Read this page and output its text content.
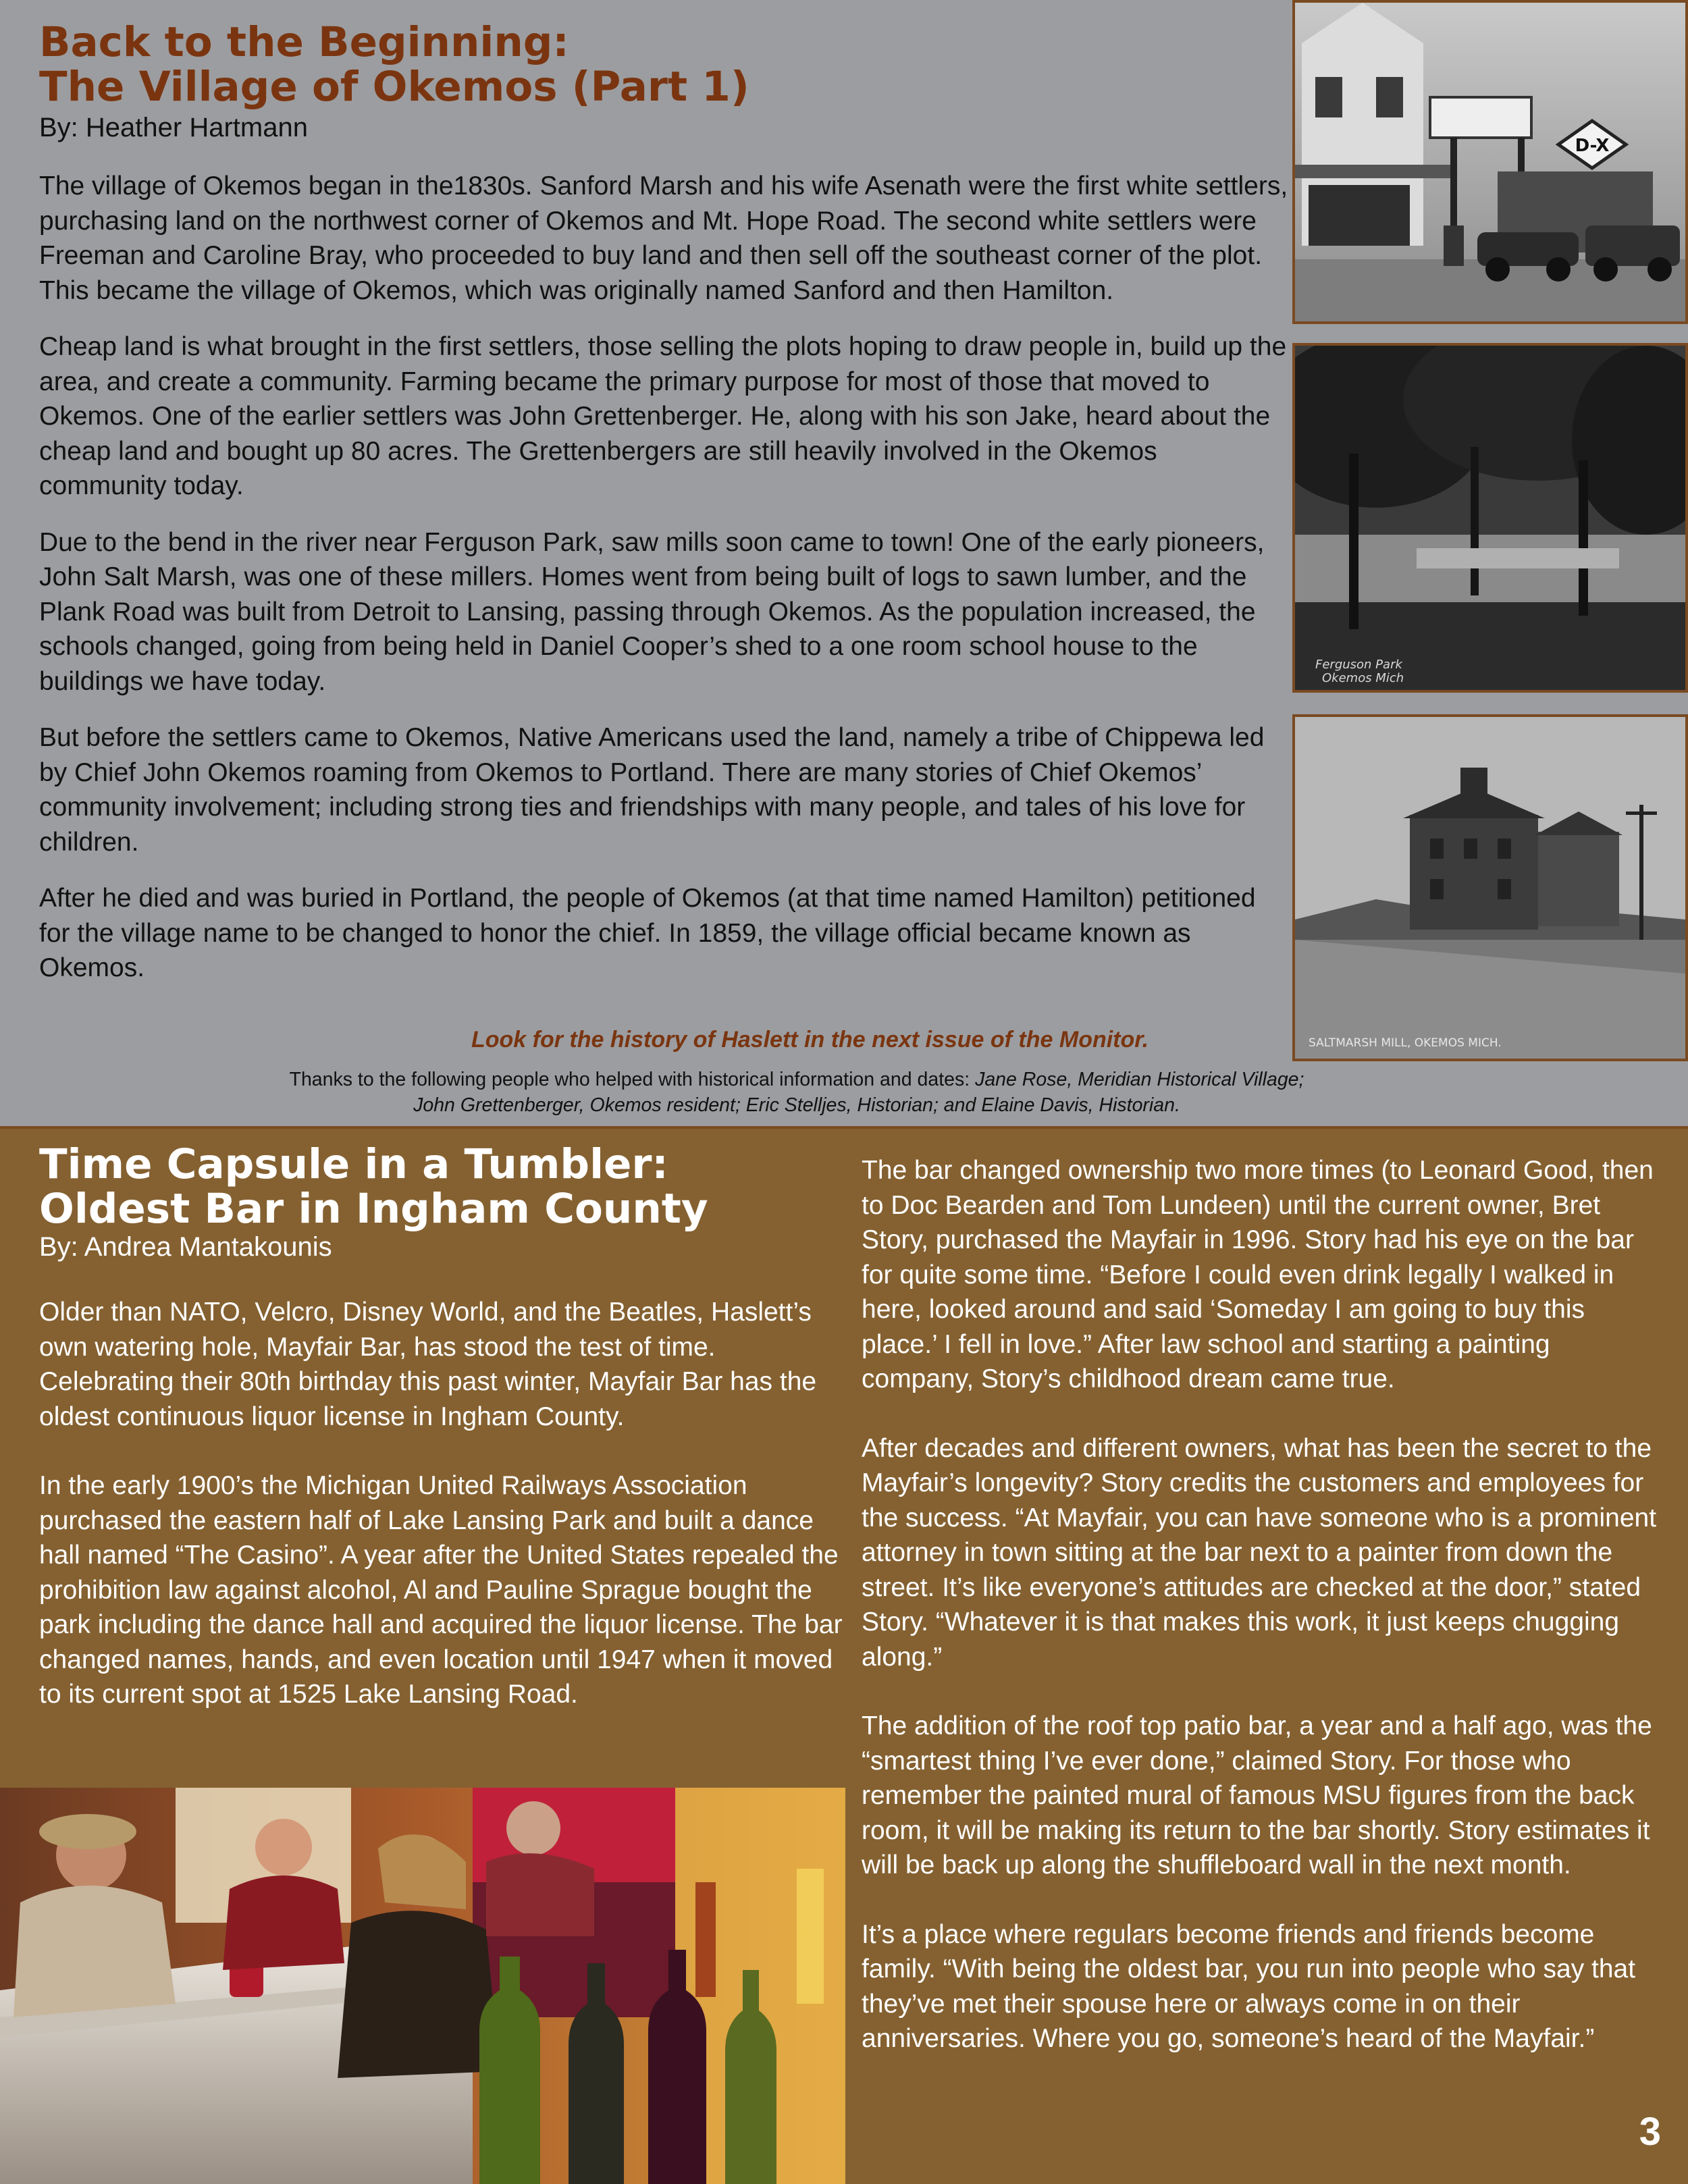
Back to the Beginning:
The Village of Okemos (Part 1)

By: Heather Hartmann

The village of Okemos began in the1830s. Sanford Marsh and his wife Asenath were the first white settlers, purchasing land on the northwest corner of Okemos and Mt. Hope Road. The second white settlers were Freeman and Caroline Bray, who proceeded to buy land and then sell off the southeast corner of the plot. This became the village of Okemos, which was originally named Sanford and then Hamilton.

Cheap land is what brought in the first settlers, those selling the plots hoping to draw people in, build up the area, and create a community. Farming became the primary purpose for most of those that moved to Okemos. One of the earlier settlers was John Grettenberger. He, along with his son Jake, heard about the cheap land and bought up 80 acres. The Grettenbergers are still heavily involved in the Okemos community today.

Due to the bend in the river near Ferguson Park, saw mills soon came to town! One of the early pioneers, John Salt Marsh, was one of these millers. Homes went from being built of logs to sawn lumber, and the Plank Road was built from Detroit to Lansing, passing through Okemos. As the population increased, the schools changed, going from being held in Daniel Cooper’s shed to a one room school house to the buildings we have today.

But before the settlers came to Okemos, Native Americans used the land, namely a tribe of Chippewa led by Chief John Okemos roaming from Okemos to Portland. There are many stories of Chief Okemos’ community involvement; including strong ties and friendships with many people, and tales of his love for children.

After he died and was buried in Portland, the people of Okemos (at that time named Hamilton) petitioned for the village name to be changed to honor the chief. In 1859, the village official became known as Okemos.

Look for the history of Haslett in the next issue of the Monitor.
Thanks to the following people who helped with historical information and dates: Jane Rose, Meridian Historical Village;
John Grettenberger, Okemos resident; Eric Stelljes, Historian; and Elaine Davis, Historian.
D-X
Ferguson Park
Okemos Mich
SALTMARSH MILL, OKEMOS MICH.
Time Capsule in a Tumbler:
Oldest Bar in Ingham County

By: Andrea Mantakounis

Older than NATO, Velcro, Disney World, and the Beatles, Haslett’s own watering hole, Mayfair Bar, has stood the test of time. Celebrating their 80th birthday this past winter, Mayfair Bar has the oldest continuous liquor license in Ingham County.

In the early 1900’s the Michigan United Railways Association purchased the eastern half of Lake Lansing Park and built a dance hall named “The Casino”. A year after the United States repealed the prohibition law against alcohol, Al and Pauline Sprague bought the park including the dance hall and acquired the liquor license. The bar changed names, hands, and even location until 1947 when it moved to its current spot at 1525 Lake Lansing Road.

The bar changed ownership two more times (to Leonard Good, then to Doc Bearden and Tom Lundeen) until the current owner, Bret Story, purchased the Mayfair in 1996. Story had his eye on the bar for quite some time. “Before I could even drink legally I walked in here, looked around and said ‘Someday I am going to buy this place.’ I fell in love.” After law school and starting a painting company, Story’s childhood dream came true.

After decades and different owners, what has been the secret to the Mayfair’s longevity? Story credits the customers and employees for the success. “At Mayfair, you can have someone who is a prominent attorney in town sitting at the bar next to a painter from down the street. It’s like everyone’s attitudes are checked at the door,” stated Story. “Whatever it is that makes this work, it just keeps chugging along.”

The addition of the roof top patio bar, a year and a half ago, was the “smartest thing I’ve ever done,” claimed Story. For those who remember the painted mural of famous MSU figures from the back room, it will be making its return to the bar shortly. Story estimates it will be back up along the shuffleboard wall in the next month.

It’s a place where regulars become friends and friends become family. “With being the oldest bar, you run into people who say that they’ve met their spouse here or always come in on their anniversaries. Where you go, someone’s heard of the Mayfair.”

3
